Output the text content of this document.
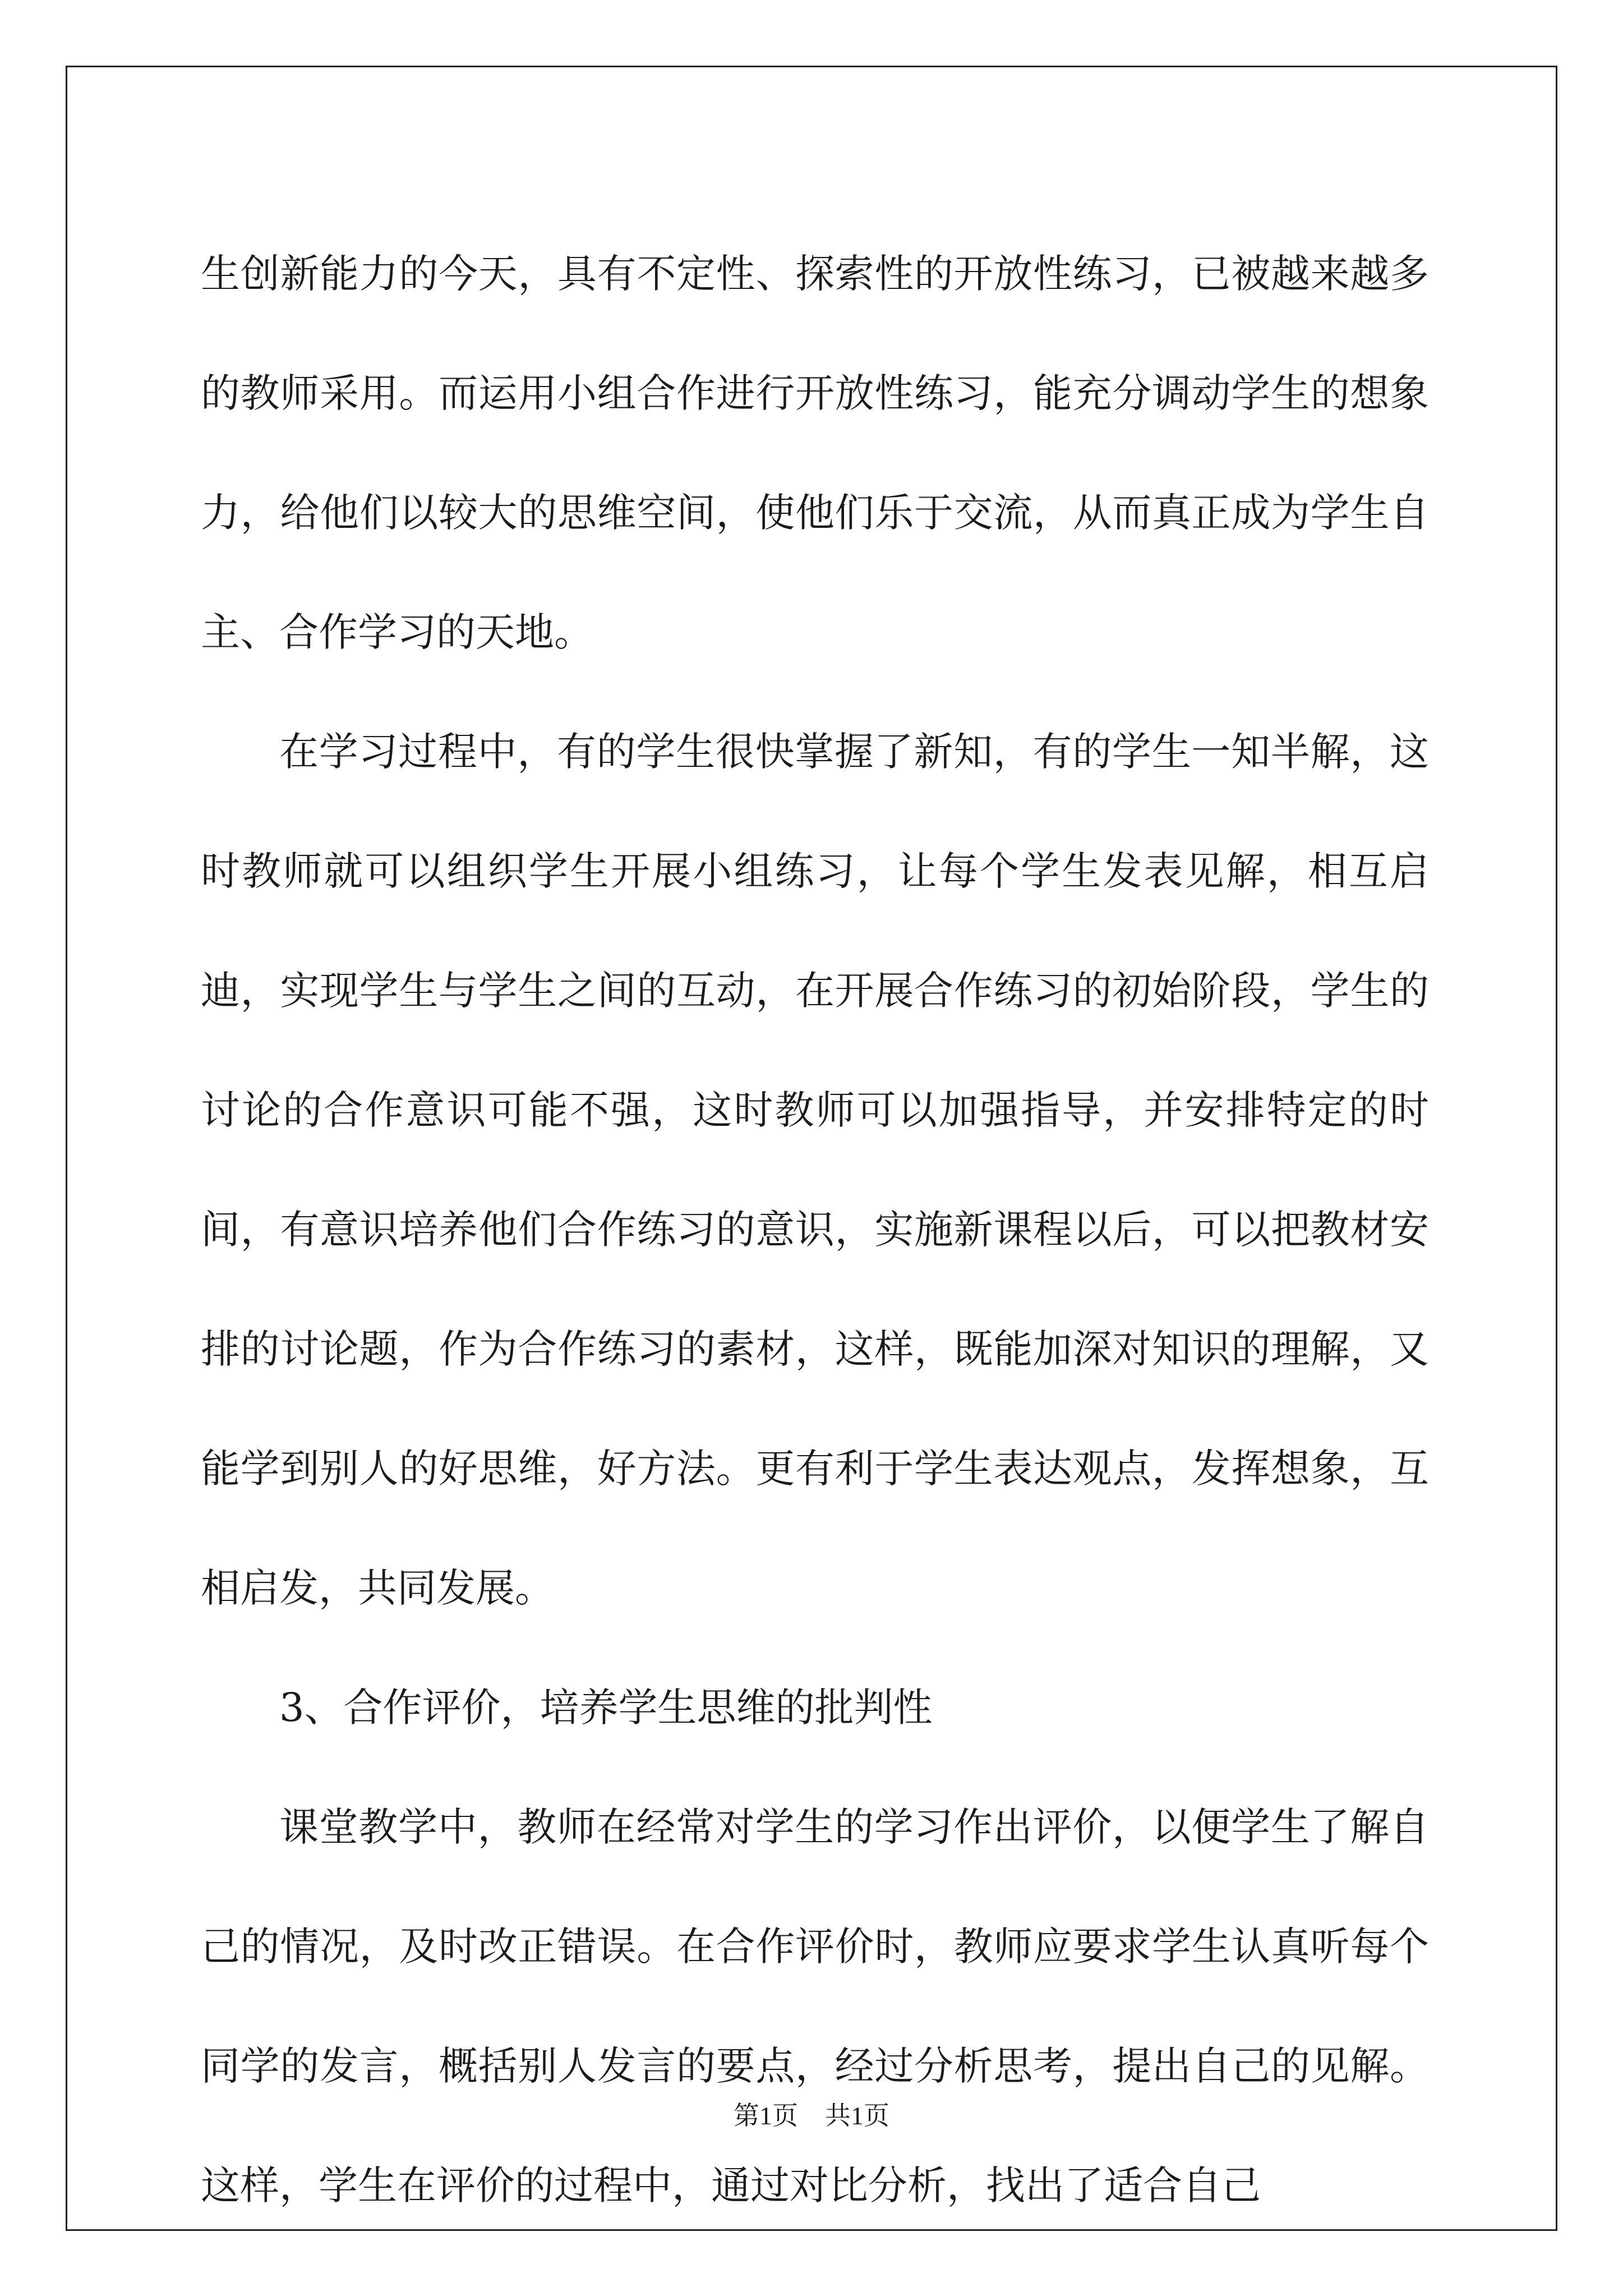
生创新能力的今天，具有不定性、探索性的开放性练习，已被越来越多的教师采用。而运用小组合作进行开放性练习，能充分调动学生的想象力，给他们以较大的思维空间，使他们乐于交流，从而真正成为学生自主、合作学习的天地。

在学习过程中，有的学生很快掌握了新知，有的学生一知半解，这时教师就可以组织学生开展小组练习，让每个学生发表见解，相互启迪，实现学生与学生之间的互动，在开展合作练习的初始阶段，学生的讨论的合作意识可能不强，这时教师可以加强指导，并安排特定的时间，有意识培养他们合作练习的意识，实施新课程以后，可以把教材安排的讨论题，作为合作练习的素材，这样，既能加深对知识的理解，又能学到别人的好思维，好方法。更有利于学生表达观点，发挥想象，互相启发，共同发展。

3、合作评价，培养学生思维的批判性

课堂教学中，教师在经常对学生的学习作出评价，以便学生了解自己的情况，及时改正错误。在合作评价时，教师应要求学生认真听每个同学的发言，概括别人发言的要点，经过分析思考，提出自己的见解。这样，学生在评价的过程中，通过对比分析，找出了适合自己

第1页 共1页
